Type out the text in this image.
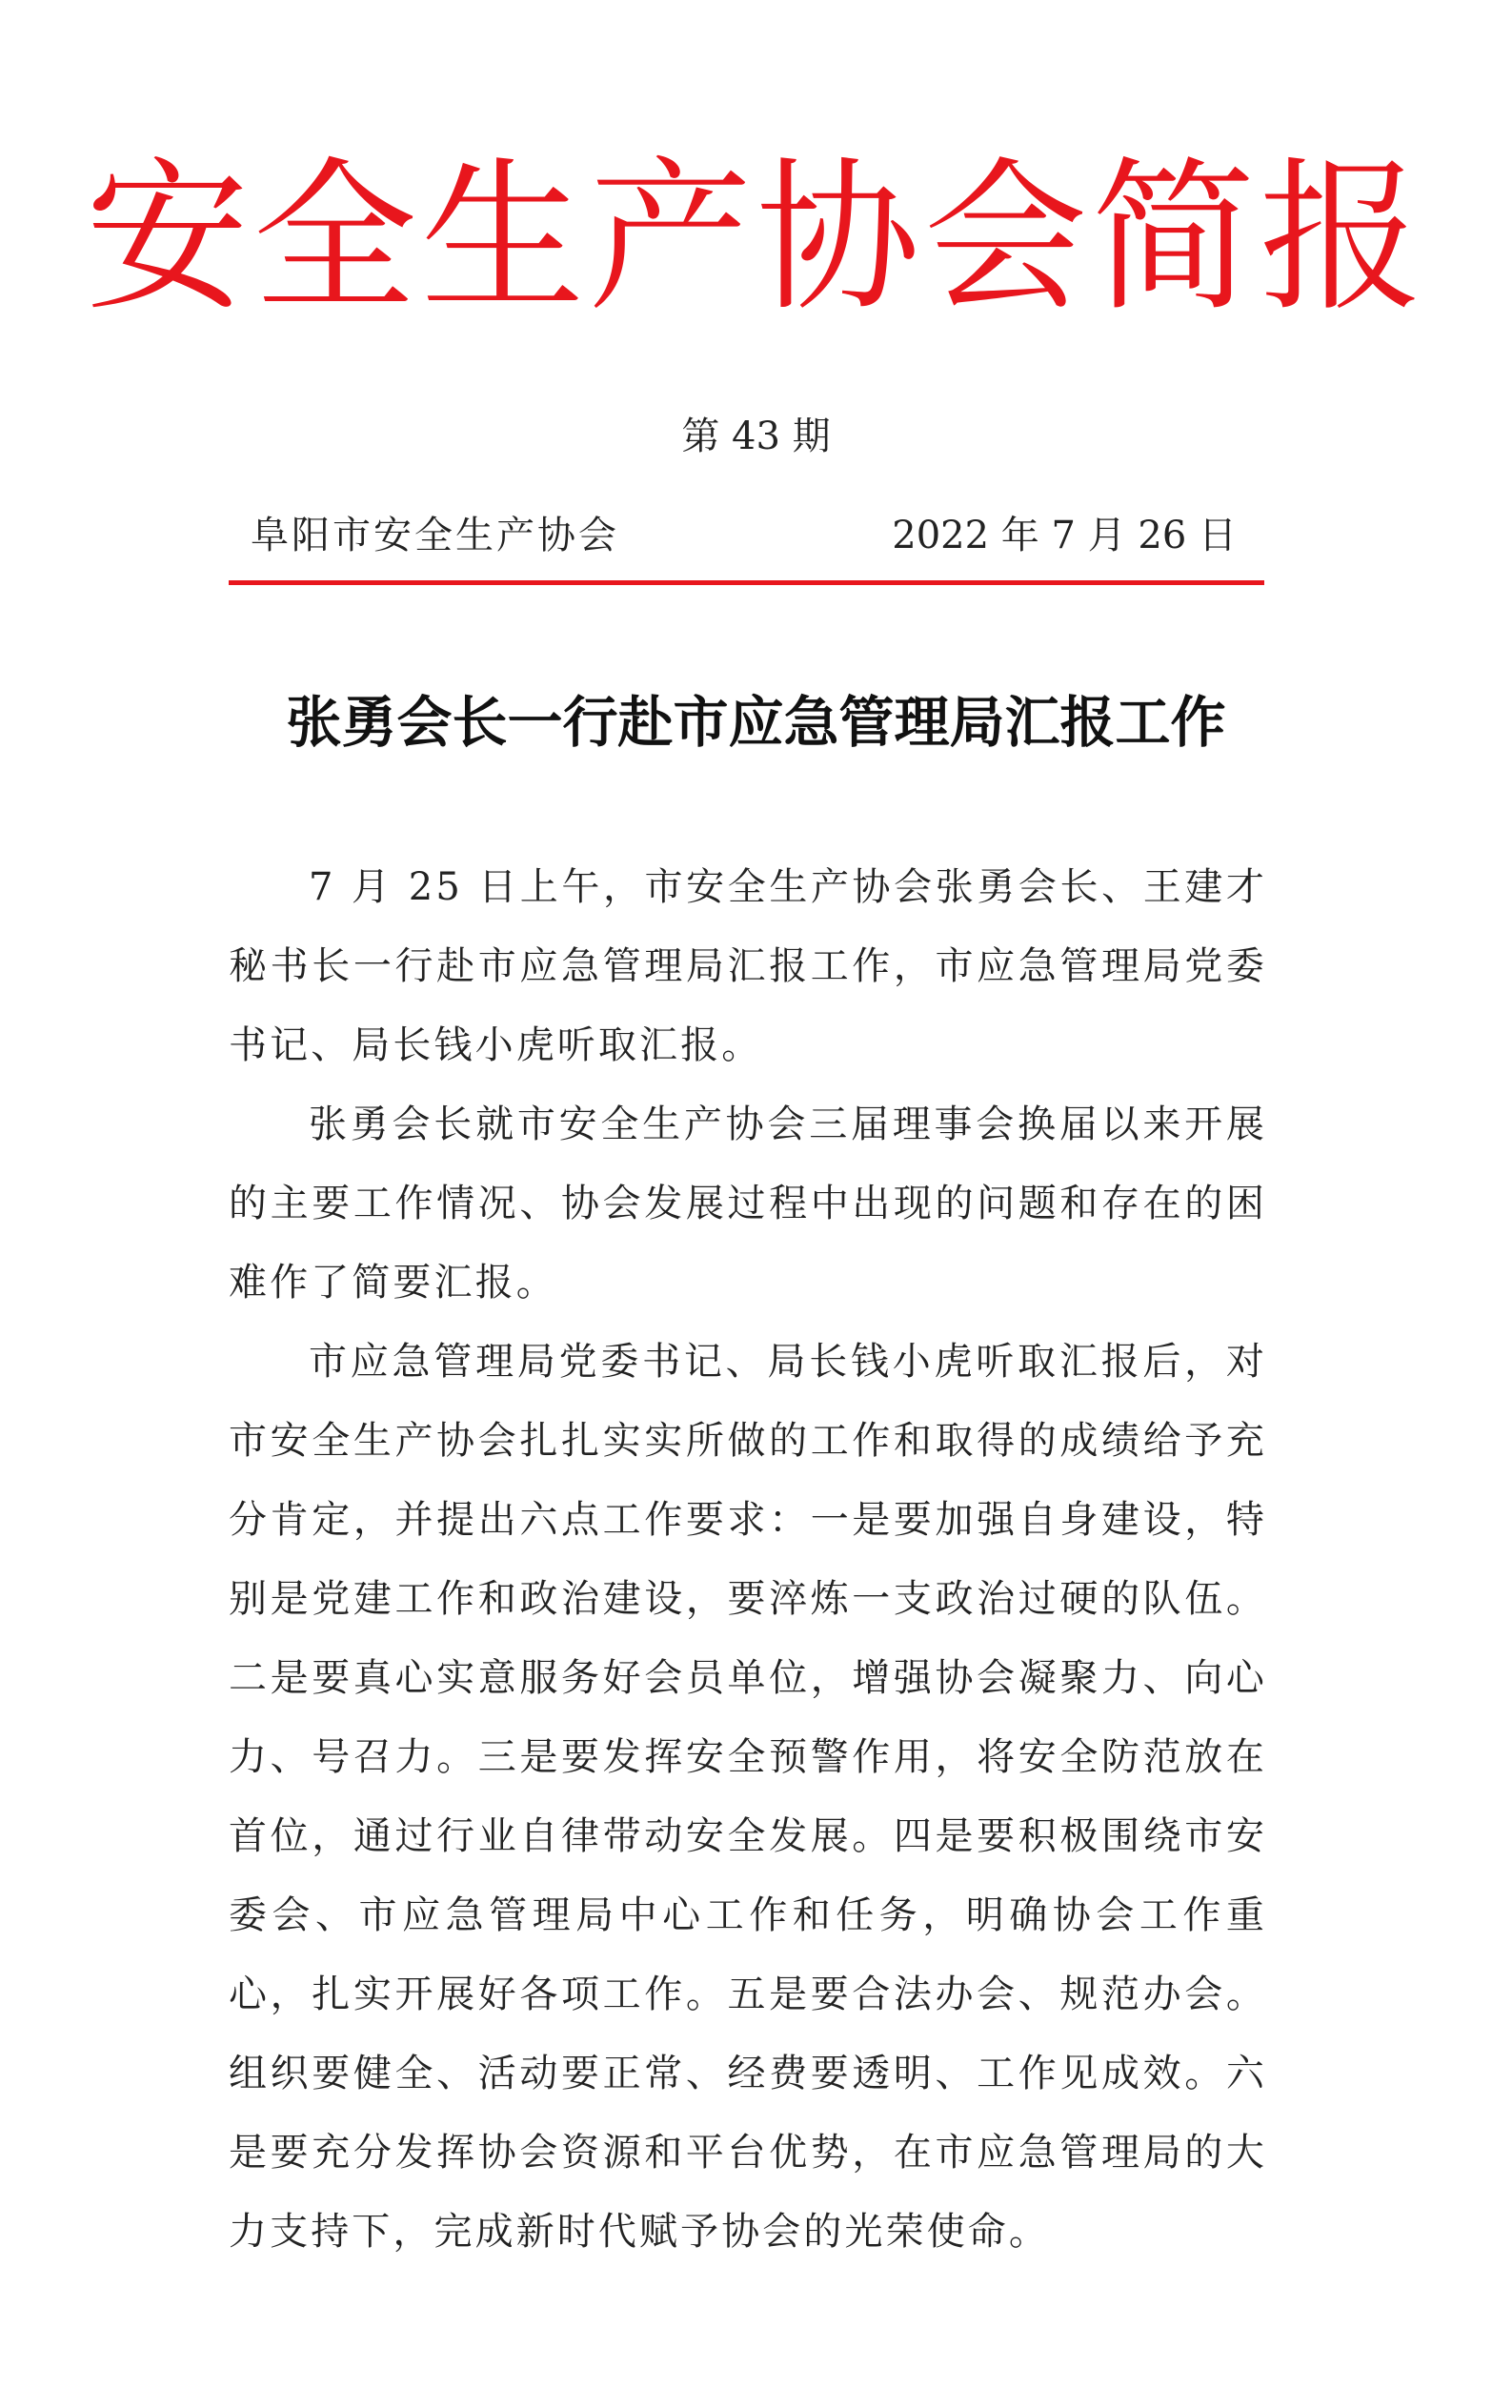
安全生产协会简报
第 43 期
阜阳市安全生产协会	2022 年 7 月 26 日
张勇会长一行赴市应急管理局汇报工作

7 月 25 日上午，市安全生产协会张勇会长、王建才秘书长一行赴市应急管理局汇报工作，市应急管理局党委书记、局长钱小虎听取汇报。

张勇会长就市安全生产协会三届理事会换届以来开展的主要工作情况、协会发展过程中出现的问题和存在的困难作了简要汇报。

市应急管理局党委书记、局长钱小虎听取汇报后，对市安全生产协会扎扎实实所做的工作和取得的成绩给予充分肯定，并提出六点工作要求：一是要加强自身建设，特别是党建工作和政治建设，要淬炼一支政治过硬的队伍。二是要真心实意服务好会员单位，增强协会凝聚力、向心力、号召力。三是要发挥安全预警作用，将安全防范放在首位，通过行业自律带动安全发展。四是要积极围绕市安委会、市应急管理局中心工作和任务，明确协会工作重心，扎实开展好各项工作。五是要合法办会、规范办会。组织要健全、活动要正常、经费要透明、工作见成效。六是要充分发挥协会资源和平台优势，在市应急管理局的大力支持下，完成新时代赋予协会的光荣使命。
